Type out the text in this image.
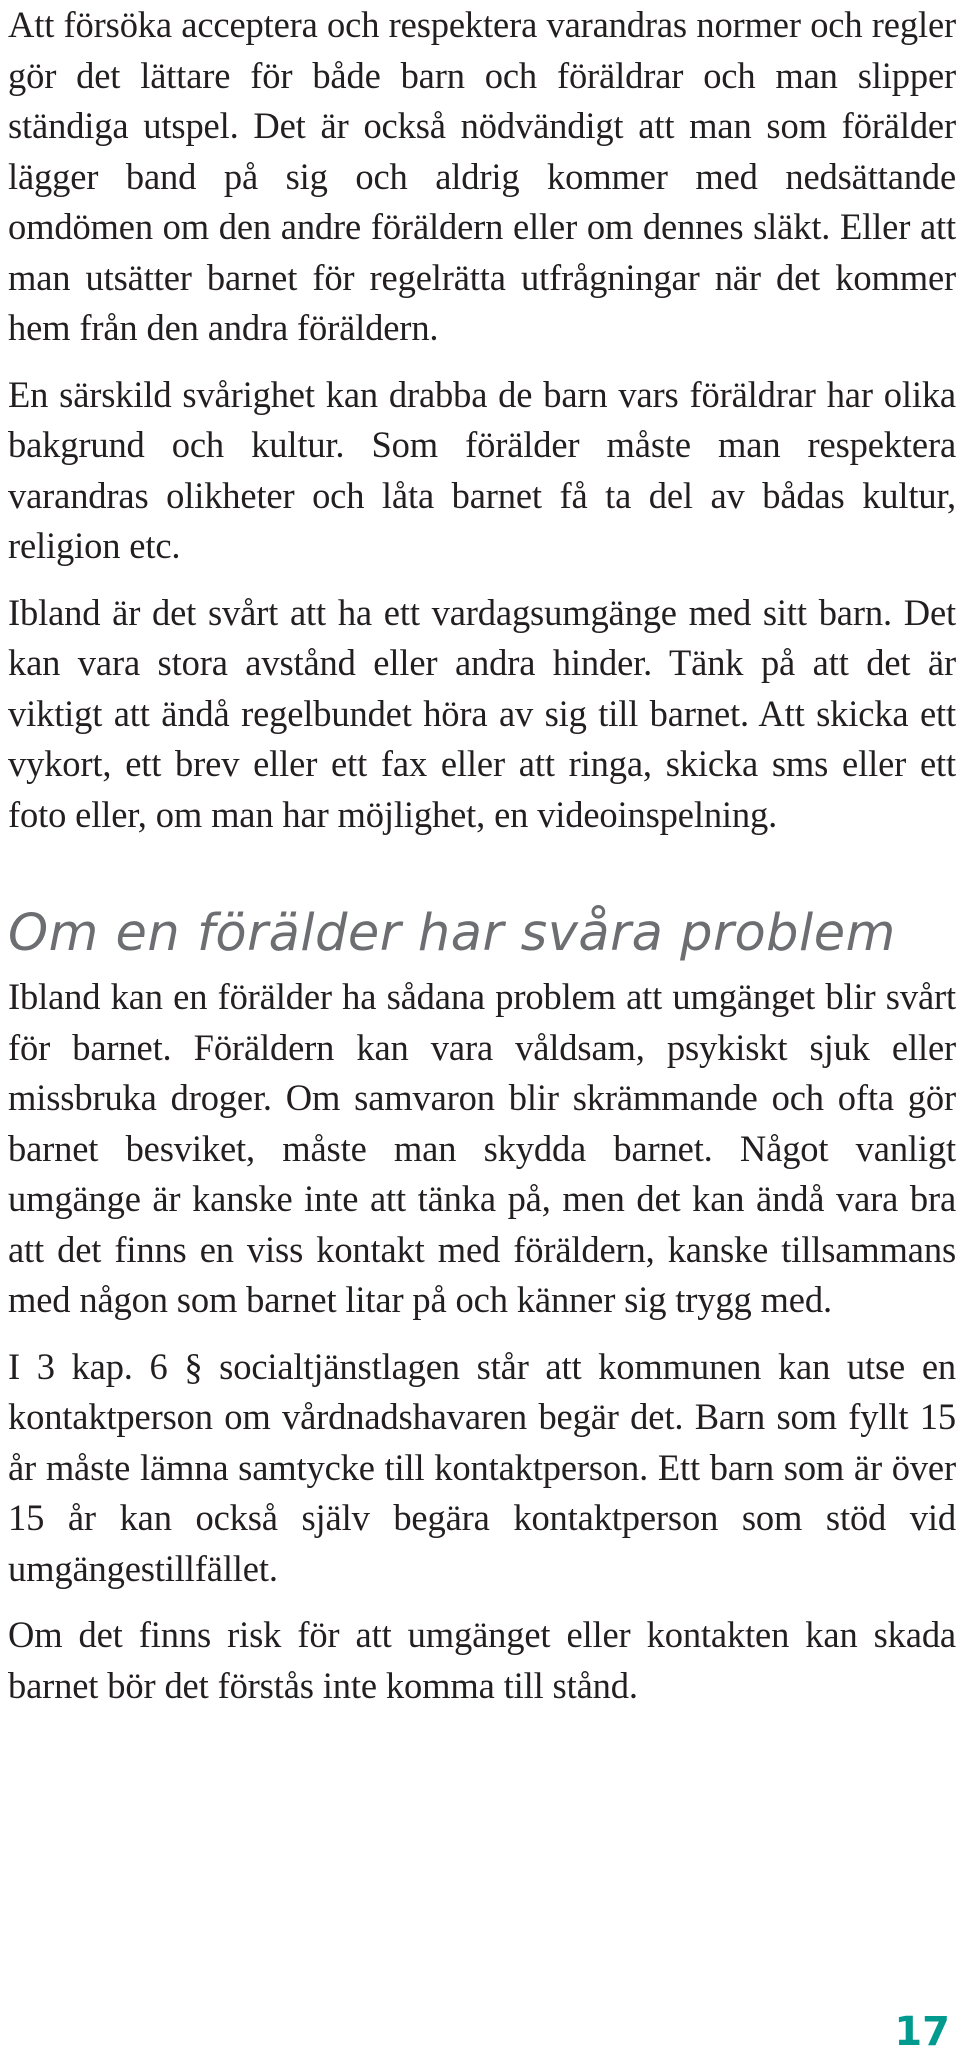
Att försöka acceptera och respektera varandras normer och regler gör det lättare för både barn och föräldrar och man slipper ständiga utspel. Det är också nödvändigt att man som förälder lägger band på sig och aldrig kommer med nedsättande omdömen om den andre föräldern eller om dennes släkt. Eller att man utsätter barnet för regelrätta utfrågningar när det kommer hem från den andra föräldern.

En särskild svårighet kan drabba de barn vars föräldrar har olika bakgrund och kultur. Som förälder måste man respektera varandras olikheter och låta barnet få ta del av bådas kultur, religion etc.

Ibland är det svårt att ha ett vardagsumgänge med sitt barn. Det kan vara stora avstånd eller andra hinder. Tänk på att det är viktigt att ändå regelbundet höra av sig till barnet. Att skicka ett vykort, ett brev eller ett fax eller att ringa, skicka sms eller ett foto eller, om man har möjlighet, en videoinspelning.

Om en förälder har svåra problem

Ibland kan en förälder ha sådana problem att umgänget blir svårt för barnet. Föräldern kan vara våldsam, psykiskt sjuk eller missbruka droger. Om samvaron blir skrämmande och ofta gör barnet besviket, måste man skydda barnet. Något vanligt umgänge är kanske inte att tänka på, men det kan ändå vara bra att det finns en viss kontakt med föräldern, kanske tillsammans med någon som barnet litar på och känner sig trygg med.

I 3 kap. 6 § socialtjänstlagen står att kommunen kan utse en kontaktperson om vårdnadshavaren begär det. Barn som fyllt 15 år måste lämna samtycke till kontaktperson. Ett barn som är över 15 år kan också själv begära kontaktperson som stöd vid umgängestillfället.

Om det finns risk för att umgänget eller kontakten kan skada barnet bör det förstås inte komma till stånd.

17
